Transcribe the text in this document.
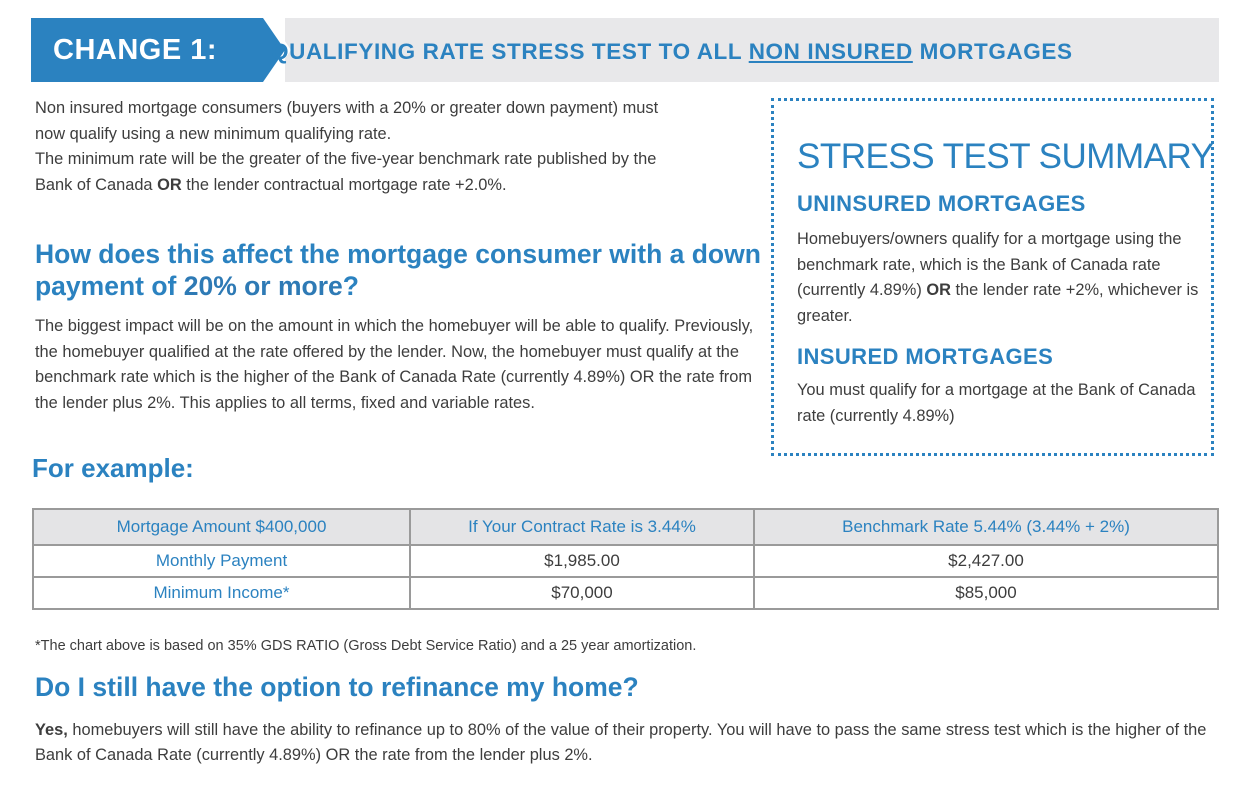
CHANGE 1: QUALIFYING RATE STRESS TEST TO ALL NON INSURED MORTGAGES
Non insured mortgage consumers (buyers with a 20% or greater down payment) must now qualify using a new minimum qualifying rate.
The minimum rate will be the greater of the five-year benchmark rate published by the Bank of Canada OR the lender contractual mortgage rate +2.0%.
How does this affect the mortgage consumer with a down payment of 20% or more?
The biggest impact will be on the amount in which the homebuyer will be able to qualify. Previously, the homebuyer qualified at the rate offered by the lender. Now, the homebuyer must qualify at the benchmark rate which is the higher of the Bank of Canada Rate (currently 4.89%) OR the rate from the lender plus 2%. This applies to all terms, fixed and variable rates.
For example:
STRESS TEST SUMMARY
UNINSURED MORTGAGES
Homebuyers/owners qualify for a mortgage using the benchmark rate, which is the Bank of Canada rate (currently 4.89%) OR the lender rate +2%, whichever is greater.
INSURED MORTGAGES
You must qualify for a mortgage at the Bank of Canada rate (currently 4.89%)
Mortgage Amount $400,000	If Your Contract Rate is 3.44%	Benchmark Rate 5.44% (3.44% + 2%)
Monthly Payment	$1,985.00	$2,427.00
Minimum Income*	$70,000	$85,000
*The chart above is based on 35% GDS RATIO (Gross Debt Service Ratio) and a 25 year amortization.
Do I still have the option to refinance my home?
Yes, homebuyers will still have the ability to refinance up to 80% of the value of their property. You will have to pass the same stress test which is the higher of the Bank of Canada Rate (currently 4.89%) OR the rate from the lender plus 2%.
